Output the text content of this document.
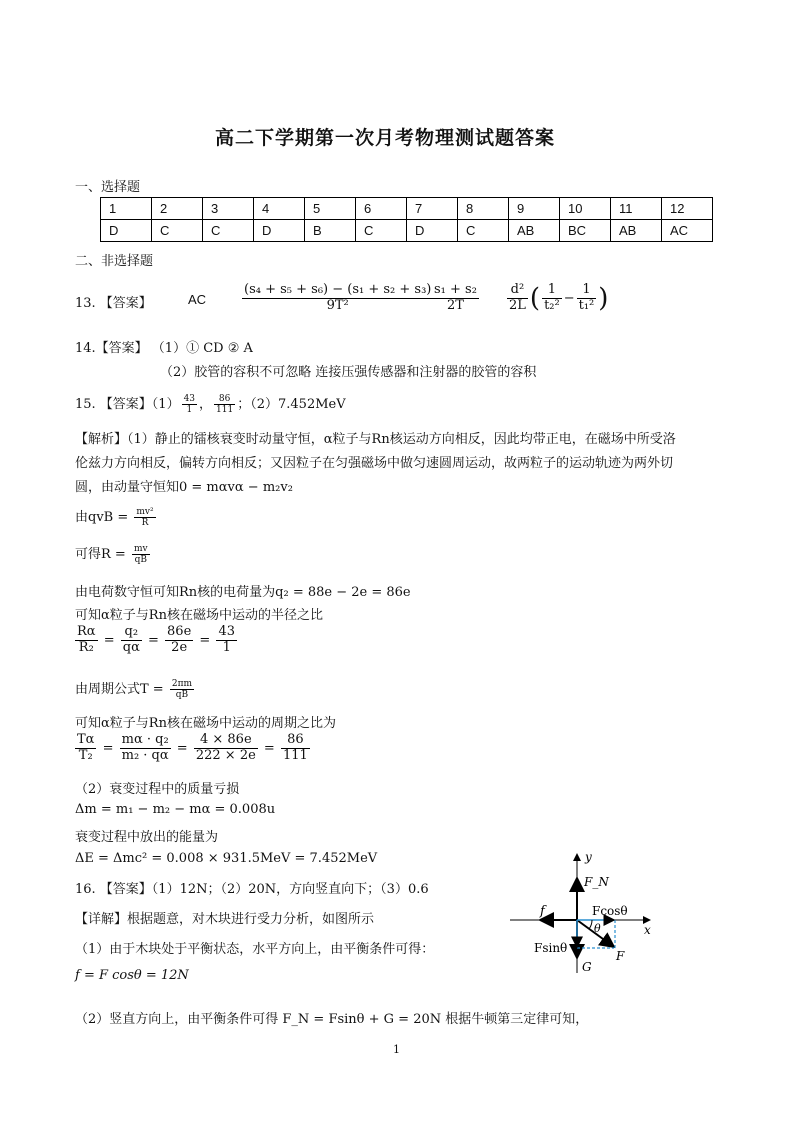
高二下学期第一次月考物理测试题答案
一、选择题
1	2	3	4	5	6	7	8	9	10	11	12
D	C	C	D	B	C	D	C	AB	BC	AB	AC
二、非选择题
13. 【答案】	AC	$\frac{\text{(s₄ + s₅ + s₆) − (s₁ + s₂ + s₃)}}{\text{9T²}}$
$\frac{\text{s₁ + s₂}}{2T} \frac{\text{d²}}{2L}$ ( $\frac{1}{\text{t₂²}} - \frac{1}{\text{t₁²}}$ )
14.【答案】 （1）① CD ② A
（2）胶管的容积不可忽略 连接压强传感器和注射器的胶管的容积
15. 【答案】$(1) \frac{43}{1}$ ， $\frac{86}{111}$ ；（2）7.452MeV
【解析】（1）静止的镭核衰变时动量守恒，α粒子与Rn核运动方向相反，因此均带正电，在磁场中所受洛
伦兹力方向相反，偏转方向相反；又因粒子在匀强磁场中做匀速圆周运动，故两粒子的运动轨迹为两外切
圆，由动量守恒知0 = mαvα − m₂v₂
由qvB = $\frac{\text{mv²}}{R}$
可得$R = \frac{mv}{qB}$
由电荷数守恒可知Rn核的电荷量为q₂ = 88e − 2e = 86e
可知α粒子与Rn核在磁场中运动的半径之比
$\frac{R\alpha}{\text{R₂}} = \frac{\text{q₂}}{q\alpha} = \frac{86e}{2e} = \frac{43}{1}$
由周期公式$T = \frac{2\pi m}{qB}$
可知α粒子与Rn核在磁场中运动的周期之比为
$\frac{T\alpha}{\text{T₂}} = \frac{\text{mα · q₂}}{\text{m₂ · qα}} = \frac{4 \times 86e}{222 \times 2e} = \frac{86}{111}$
（2）衰变过程中的质量亏损
Δm = m₁ − m₂ − mα = 0.008u
衰变过程中放出的能量为
ΔE = Δmc² = 0.008 × 931.5MeV = 7.452MeV
16. 【答案】（1）12N；（2）20N，方向竖直向下；（3）0.6
【详解】根据题意，对木块进行受力分析，如图所示
（1）由于木块处于平衡状态，水平方向上，由平衡条件可得：
f = F cosθ = 12N
（2）竖直方向上，由平衡条件可得 F_N = Fsinθ + G = 20N 根据牛顿第三定律可知，
y
x
F_N
f	Fcosθ
θ
Fsinθ
G
F
1
